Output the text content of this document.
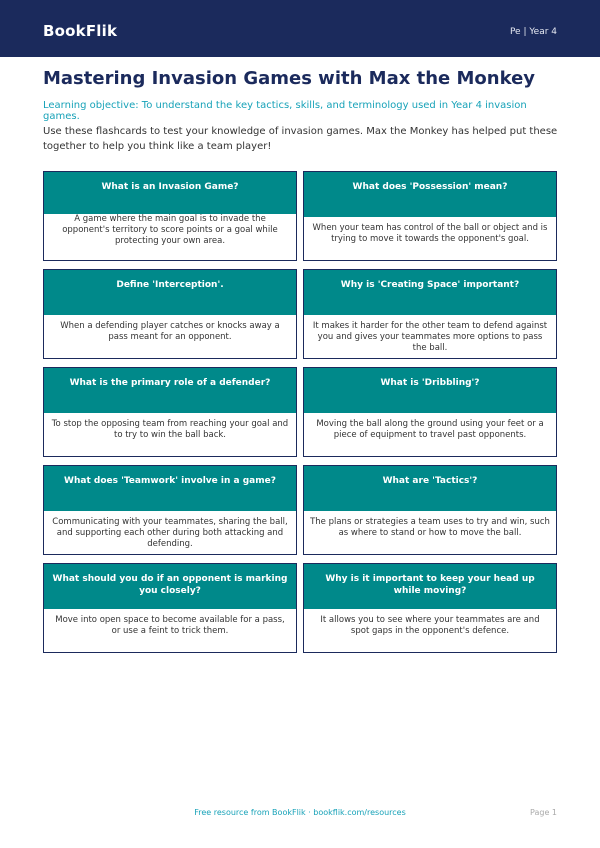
BookFlik	Pe | Year 4
Mastering Invasion Games with Max the Monkey
Learning objective: To understand the key tactics, skills, and terminology used in Year 4 invasion games.
Use these flashcards to test your knowledge of invasion games. Max the Monkey has helped put these together to help you think like a team player!
What is an Invasion Game?
A game where the main goal is to invade the opponent's territory to score points or a goal while protecting your own area.
What does 'Possession' mean?
When your team has control of the ball or object and is trying to move it towards the opponent's goal.
Define 'Interception'.
When a defending player catches or knocks away a pass meant for an opponent.
Why is 'Creating Space' important?
It makes it harder for the other team to defend against you and gives your teammates more options to pass the ball.
What is the primary role of a defender?
To stop the opposing team from reaching your goal and to try to win the ball back.
What is 'Dribbling'?
Moving the ball along the ground using your feet or a piece of equipment to travel past opponents.
What does 'Teamwork' involve in a game?
Communicating with your teammates, sharing the ball, and supporting each other during both attacking and defending.
What are 'Tactics'?
The plans or strategies a team uses to try and win, such as where to stand or how to move the ball.
What should you do if an opponent is marking you closely?
Move into open space to become available for a pass, or use a feint to trick them.
Why is it important to keep your head up while moving?
It allows you to see where your teammates are and spot gaps in the opponent's defence.
Free resource from BookFlik · bookflik.com/resources	Page 1
